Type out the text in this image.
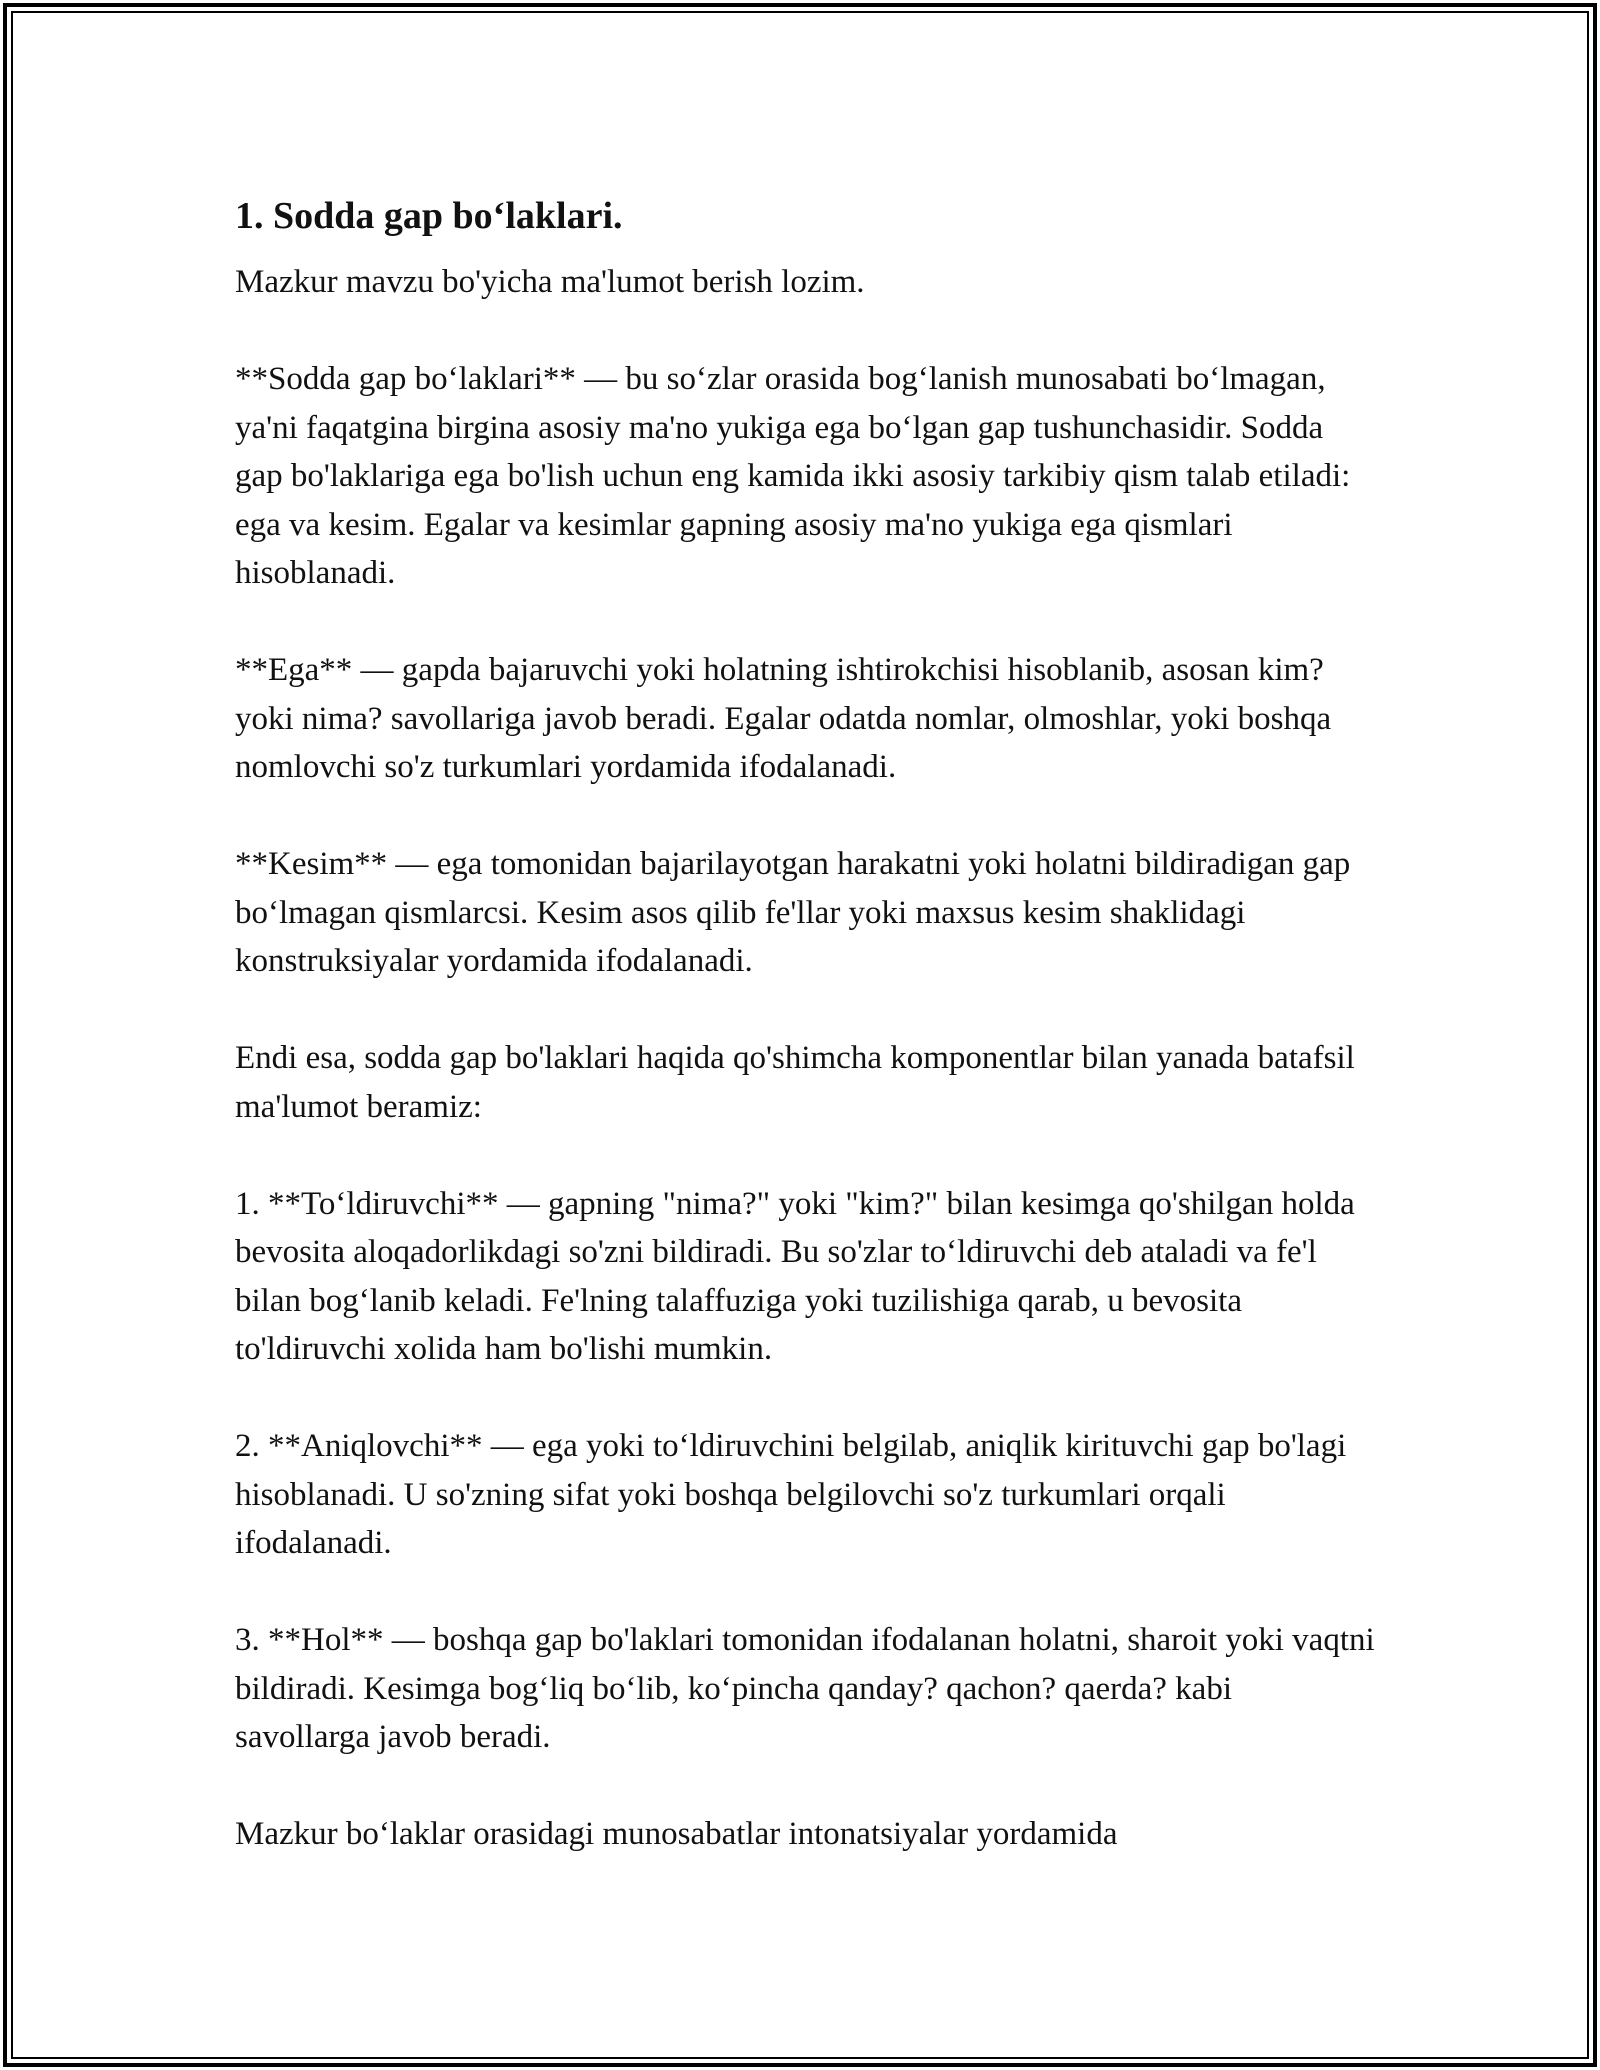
1. Sodda gap bo‘laklari.

Mazkur mavzu bo'yicha ma'lumot berish lozim.

**Sodda gap bo‘laklari** — bu so‘zlar orasida bog‘lanish munosabati bo‘lmagan, ya'ni faqatgina birgina asosiy ma'no yukiga ega bo‘lgan gap tushunchasidir. Sodda gap bo'laklariga ega bo'lish uchun eng kamida ikki asosiy tarkibiy qism talab etiladi: ega va kesim. Egalar va kesimlar gapning asosiy ma'no yukiga ega qismlari hisoblanadi.

**Ega** — gapda bajaruvchi yoki holatning ishtirokchisi hisoblanib, asosan kim? yoki nima? savollariga javob beradi. Egalar odatda nomlar, olmoshlar, yoki boshqa nomlovchi so'z turkumlari yordamida ifodalanadi.

**Kesim** — ega tomonidan bajarilayotgan harakatni yoki holatni bildiradigan gap bo‘lmagan qismlarcsi. Kesim asos qilib fe'llar yoki maxsus kesim shaklidagi konstruksiyalar yordamida ifodalanadi.

Endi esa, sodda gap bo'laklari haqida qo'shimcha komponentlar bilan yanada batafsil ma'lumot beramiz:

1. **To‘ldiruvchi** — gapning "nima?" yoki "kim?" bilan kesimga qo'shilgan holda bevosita aloqadorlikdagi so'zni bildiradi. Bu so'zlar to‘ldiruvchi deb ataladi va fe'l bilan bog‘lanib keladi. Fe'lning talaffuziga yoki tuzilishiga qarab, u bevosita to'ldiruvchi xolida ham bo'lishi mumkin.

2. **Aniqlovchi** — ega yoki to‘ldiruvchini belgilab, aniqlik kirituvchi gap bo'lagi hisoblanadi. U so'zning sifat yoki boshqa belgilovchi so'z turkumlari orqali ifodalanadi.

3. **Hol** — boshqa gap bo'laklari tomonidan ifodalanan holatni, sharoit yoki vaqtni bildiradi. Kesimga bog‘liq bo‘lib, ko‘pincha qanday? qachon? qaerda? kabi savollarga javob beradi.

Mazkur bo‘laklar orasidagi munosabatlar intonatsiyalar yordamida
